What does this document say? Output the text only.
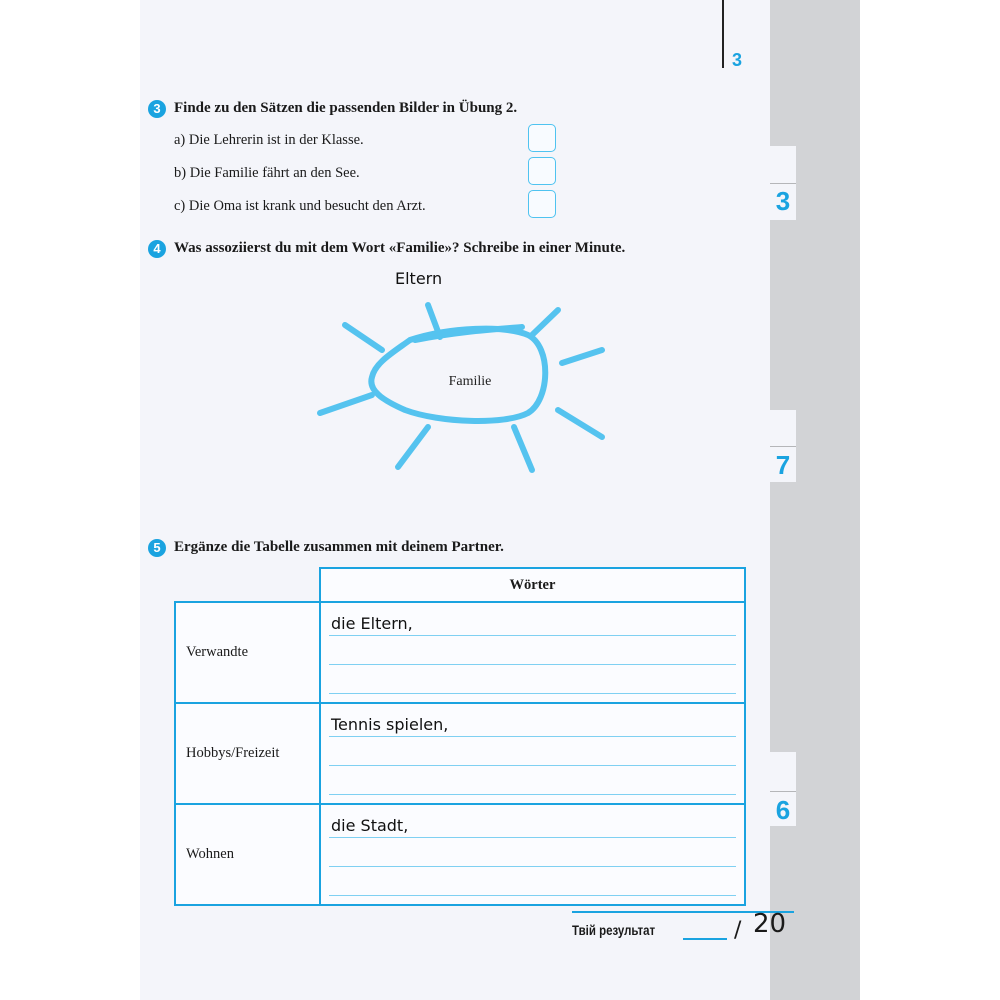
3
3
7
6
3 Finde zu den Sätzen die passenden Bilder in Übung 2.
a) Die Lehrerin ist in der Klasse.
b) Die Familie fährt an den See.
c) Die Oma ist krank und besucht den Arzt.
4 Was assoziierst du mit dem Wort «Familie»? Schreibe in einer Minute.
Eltern
Familie
5 Ergänze die Tabelle zusammen mit deinem Partner.
	Wörter
Verwandte	die Eltern,

Hobbys/Freizeit	Tennis spielen,

Wohnen	die Stadt,
Твій результат	/ 20
